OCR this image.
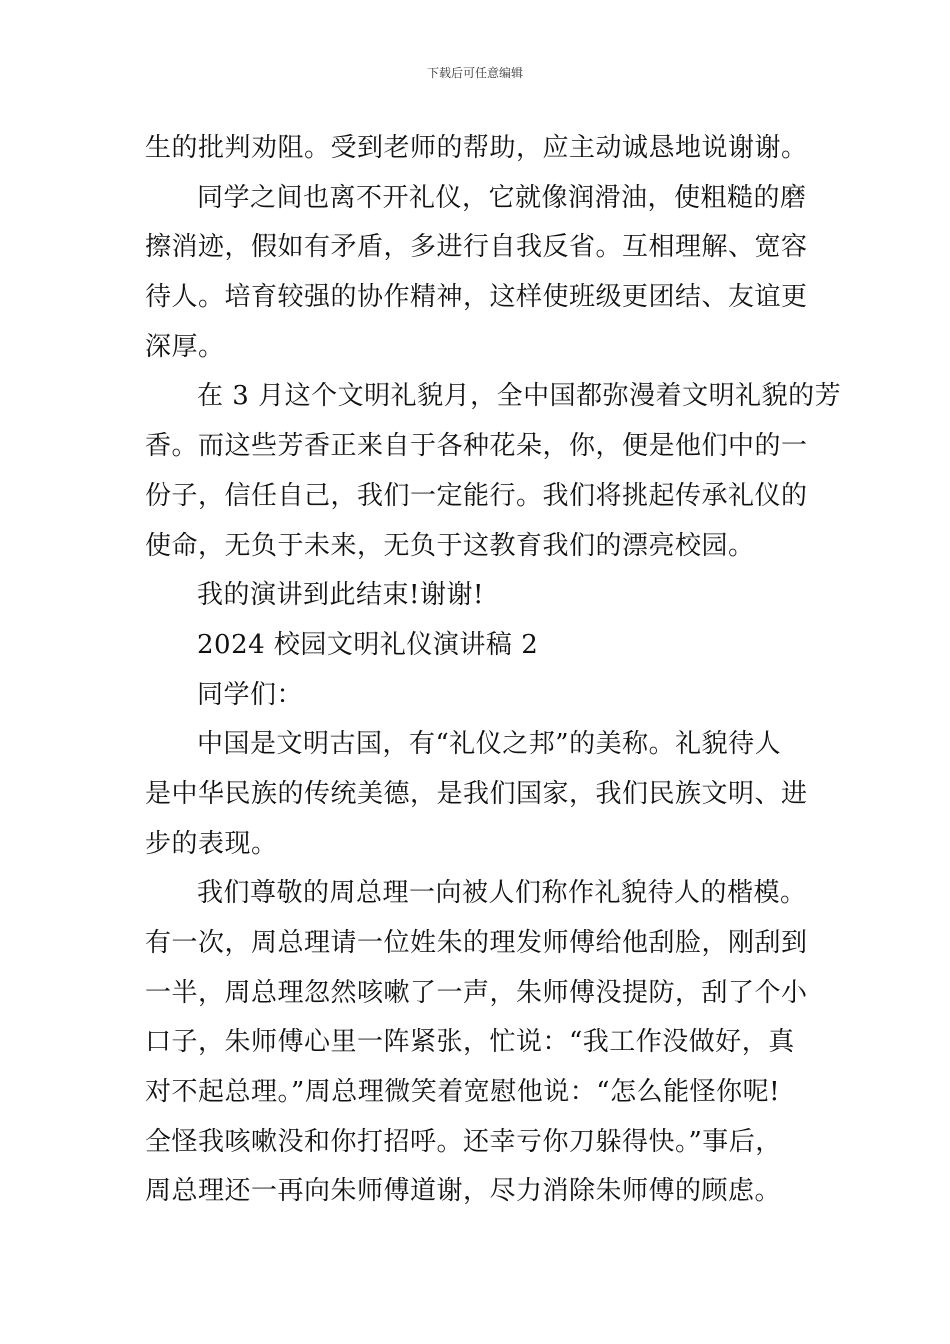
下载后可任意编辑
生的批判劝阻。受到老师的帮助，应主动诚恳地说谢谢。
同学之间也离不开礼仪，它就像润滑油，使粗糙的磨
擦消迹，假如有矛盾，多进行自我反省。互相理解、宽容
待人。培育较强的协作精神，这样使班级更团结、友谊更
深厚。
在 3 月这个文明礼貌月，全中国都弥漫着文明礼貌的芳
香。而这些芳香正来自于各种花朵，你，便是他们中的一
份子，信任自己，我们一定能行。我们将挑起传承礼仪的
使命，无负于未来，无负于这教育我们的漂亮校园。
我的演讲到此结束!谢谢!
2024 校园文明礼仪演讲稿 2
同学们：
中国是文明古国，有“礼仪之邦”的美称。礼貌待人
是中华民族的传统美德，是我们国家，我们民族文明、进
步的表现。
我们尊敬的周总理一向被人们称作礼貌待人的楷模。
有一次，周总理请一位姓朱的理发师傅给他刮脸，刚刮到
一半，周总理忽然咳嗽了一声，朱师傅没提防，刮了个小
口子，朱师傅心里一阵紧张，忙说：“我工作没做好，真
对不起总理。”周总理微笑着宽慰他说：“怎么能怪你呢!
全怪我咳嗽没和你打招呼。还幸亏你刀躲得快。”事后，
周总理还一再向朱师傅道谢，尽力消除朱师傅的顾虑。
